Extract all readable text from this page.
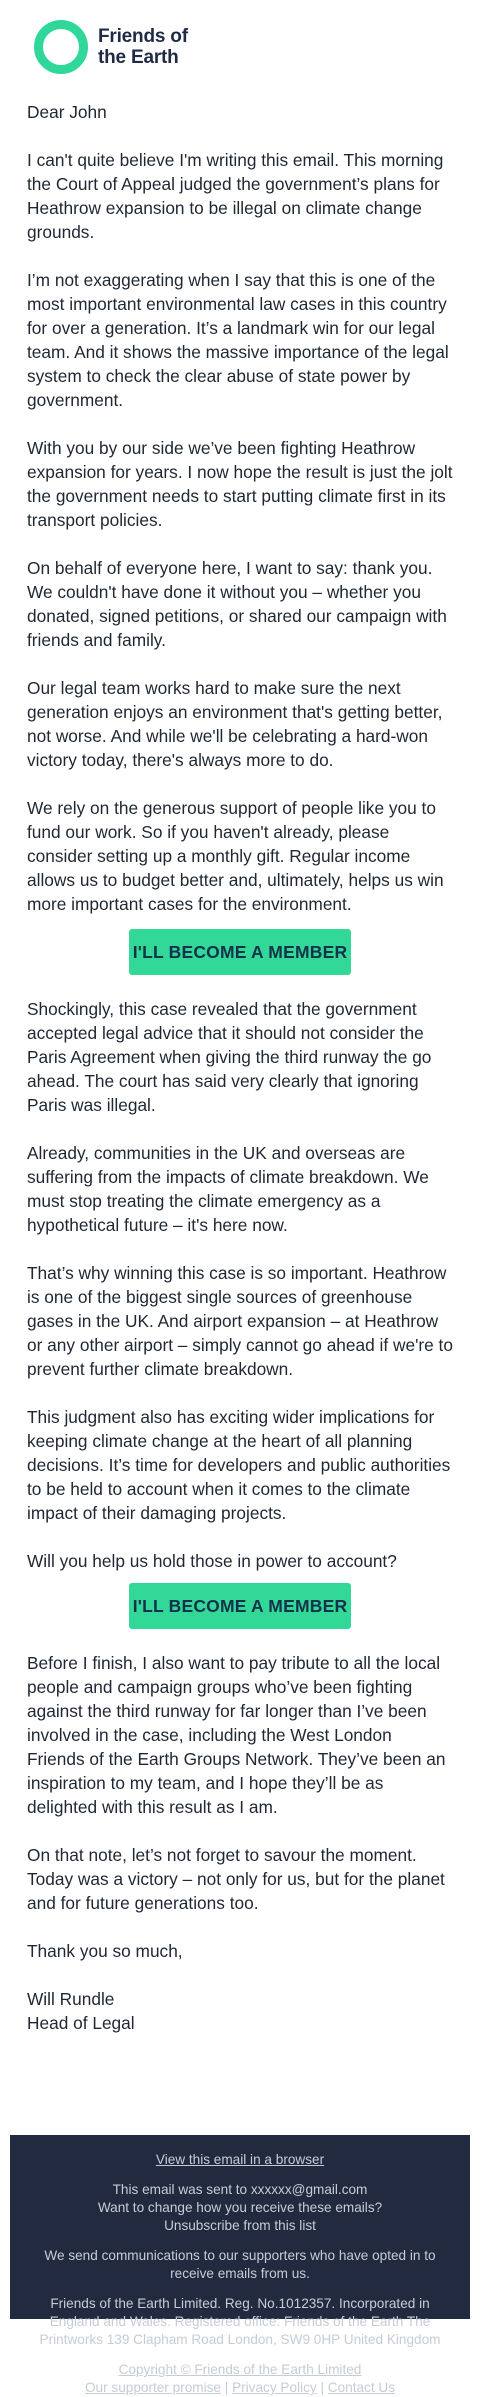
Friends of
the Earth

Dear John

I can't quite believe I'm writing this email. This morning the Court of Appeal judged the government’s plans for Heathrow expansion to be illegal on climate change grounds.

I’m not exaggerating when I say that this is one of the most important environmental law cases in this country for over a generation. It’s a landmark win for our legal team. And it shows the massive importance of the legal system to check the clear abuse of state power by government.

With you by our side we’ve been fighting Heathrow expansion for years. I now hope the result is just the jolt the government needs to start putting climate first in its transport policies.

On behalf of everyone here, I want to say: thank you. We couldn't have done it without you – whether you donated, signed petitions, or shared our campaign with friends and family.

Our legal team works hard to make sure the next generation enjoys an environment that's getting better, not worse. And while we'll be celebrating a hard-won victory today, there's always more to do.

We rely on the generous support of people like you to fund our work. So if you haven't already, please consider setting up a monthly gift. Regular income allows us to budget better and, ultimately, helps us win more important cases for the environment.

I'LL BECOME A MEMBER

Shockingly, this case revealed that the government accepted legal advice that it should not consider the Paris Agreement when giving the third runway the go ahead. The court has said very clearly that ignoring Paris was illegal.

Already, communities in the UK and overseas are suffering from the impacts of climate breakdown. We must stop treating the climate emergency as a hypothetical future – it's here now.

That’s why winning this case is so important. Heathrow is one of the biggest single sources of greenhouse gases in the UK. And airport expansion – at Heathrow or any other airport – simply cannot go ahead if we're to prevent further climate breakdown.

This judgment also has exciting wider implications for keeping climate change at the heart of all planning decisions. It’s time for developers and public authorities to be held to account when it comes to the climate impact of their damaging projects.

Will you help us hold those in power to account?

I'LL BECOME A MEMBER

Before I finish, I also want to pay tribute to all the local people and campaign groups who’ve been fighting against the third runway for far longer than I’ve been involved in the case, including the West London Friends of the Earth Groups Network. They’ve been an inspiration to my team, and I hope they’ll be as delighted with this result as I am.

On that note, let’s not forget to savour the moment. Today was a victory – not only for us, but for the planet and for future generations too.

Thank you so much,

Will Rundle
Head of Legal

View this email in a browser

This email was sent to xxxxxx@gmail.com

Want to change how you receive these emails?

Unsubscribe from this list

We send communications to our supporters who have opted in to receive emails from us.

Friends of the Earth Limited. Reg. No.1012357. Incorporated in England and Wales. Registered office: Friends of the Earth The Printworks 139 Clapham Road London, SW9 0HP United Kingdom

Copyright © Friends of the Earth Limited

Our supporter promise | Privacy Policy | Contact Us
